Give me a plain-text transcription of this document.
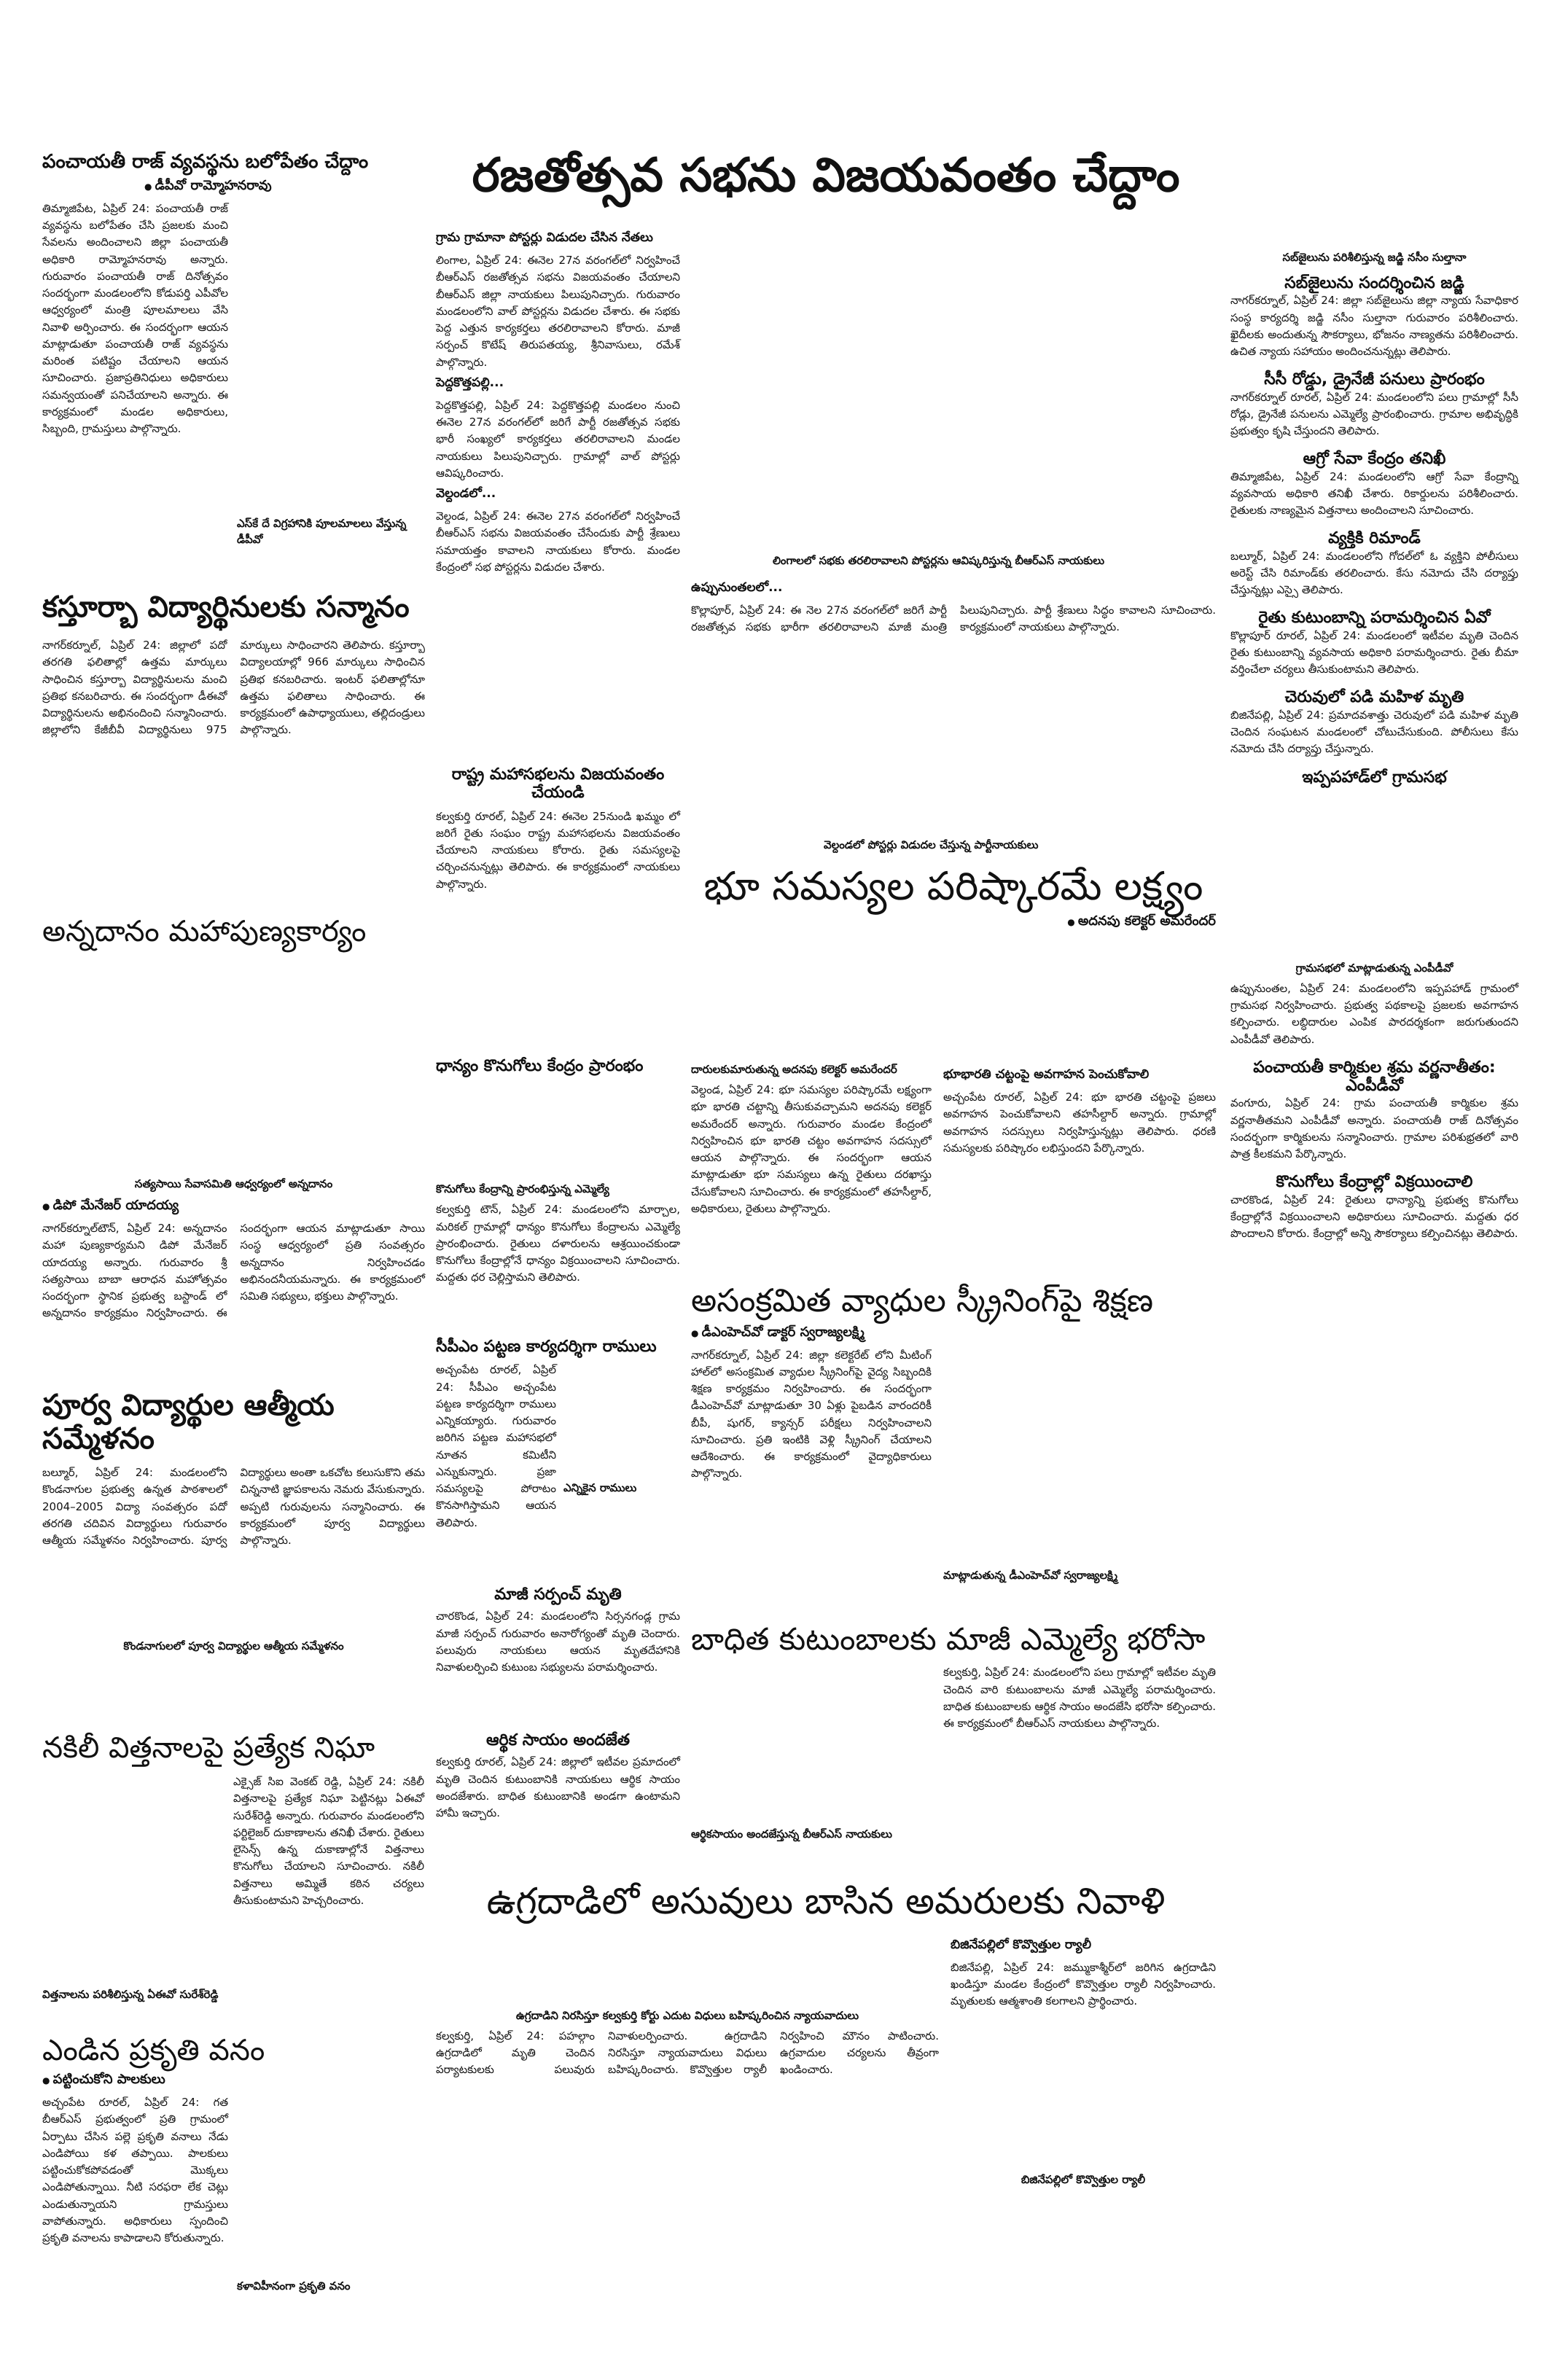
పంచాయతీ రాజ్ వ్యవస్థను బలోపేతం చేద్దాం

● డీపీవో రామ్మోహనరావు

తిమ్మాజిపేట, ఏప్రిల్ 24: పంచాయతీ రాజ్ వ్యవస్థను బలోపేతం చేసి ప్రజలకు మంచి సేవలను అందించాలని జిల్లా పంచాయతీ అధికారి రామ్మోహనరావు అన్నారు. గురువారం పంచాయతీ రాజ్ దినోత్సవం సందర్భంగా మండలంలోని కోడుపర్తి ఎపీవోల ఆధ్వర్యంలో మంత్రి పూలమాలలు వేసి నివాళి అర్పించారు. ఈ సందర్భంగా ఆయన మాట్లాడుతూ పంచాయతీ రాజ్ వ్యవస్థను మరింత పటిష్టం చేయాలని ఆయన సూచించారు. ప్రజాప్రతినిధులు అధికారులు సమన్వయంతో పనిచేయాలని అన్నారు. ఈ కార్యక్రమంలో మండల అధికారులు, సిబ్బంది, గ్రామస్తులు పాల్గొన్నారు.

ఎస్‌కే దే విగ్రహానికి పూలమాలలు వేస్తున్న డీపీవో

కస్తూర్బా విద్యార్థినులకు సన్మానం

నాగర్‌కర్నూల్, ఏప్రిల్ 24: జిల్లాలో పదో తరగతి ఫలితాల్లో ఉత్తమ మార్కులు సాధించిన కస్తూర్బా విద్యార్థినులను మంచి ప్రతిభ కనబరిచారు. ఈ సందర్భంగా డీఈవో విద్యార్థినులను అభినందించి సన్మానించారు. జిల్లాలోని కేజీబీవీ విద్యార్థినులు 975 మార్కులు సాధించారని తెలిపారు. కస్తూర్బా విద్యాలయాల్లో 966 మార్కులు సాధించిన ప్రతిభ కనబరిచారు. ఇంటర్ ఫలితాల్లోనూ ఉత్తమ ఫలితాలు సాధించారు. ఈ కార్యక్రమంలో ఉపాధ్యాయులు, తల్లిదండ్రులు పాల్గొన్నారు.

అన్నదానం మహాపుణ్యకార్యం

సత్యసాయి సేవాసమితి ఆధ్వర్యంలో అన్నదానం

● డిపో మేనేజర్ యాదయ్య

నాగర్‌కర్నూల్‌టౌన్, ఏప్రిల్ 24: అన్నదానం మహా పుణ్యకార్యమని డిపో మేనేజర్ యాదయ్య అన్నారు. గురువారం శ్రీ సత్యసాయి బాబా ఆరాధన మహోత్సవం సందర్భంగా స్థానిక ప్రభుత్వ బస్టాండ్ లో అన్నదానం కార్యక్రమం నిర్వహించారు. ఈ సందర్భంగా ఆయన మాట్లాడుతూ సాయి సంస్థ ఆధ్వర్యంలో ప్రతి సంవత్సరం అన్నదానం నిర్వహించడం అభినందనీయమన్నారు. ఈ కార్యక్రమంలో సమితి సభ్యులు, భక్తులు పాల్గొన్నారు.

పూర్వ విద్యార్థుల ఆత్మీయ సమ్మేళనం

బల్మూర్, ఏప్రిల్ 24: మండలంలోని కొండనాగుల ప్రభుత్వ ఉన్నత పాఠశాలలో 2004–2005 విద్యా సంవత్సరం పదో తరగతి చదివిన విద్యార్థులు గురువారం ఆత్మీయ సమ్మేళనం నిర్వహించారు. పూర్వ విద్యార్థులు అంతా ఒకచోట కలుసుకొని తమ చిన్ననాటి జ్ఞాపకాలను నెమరు వేసుకున్నారు. అప్పటి గురువులను సన్మానించారు. ఈ కార్యక్రమంలో పూర్వ విద్యార్థులు పాల్గొన్నారు.

కొండనాగులలో పూర్వ విద్యార్థుల ఆత్మీయ సమ్మేళనం

నకిలీ విత్తనాలపై ప్రత్యేక నిఘా

విత్తనాలను పరిశీలిస్తున్న ఏఈవో సురేశ్‌రెడ్డి

ఎక్సైజ్ సిఐ వెంకట్ రెడ్డి, ఏప్రిల్ 24: నకిలీ విత్తనాలపై ప్రత్యేక నిఘా పెట్టినట్లు ఏఈవో సురేశ్‌రెడ్డి అన్నారు. గురువారం మండలంలోని ఫర్టిలైజర్ దుకాణాలను తనిఖీ చేశారు. రైతులు లైసెన్స్ ఉన్న దుకాణాల్లోనే విత్తనాలు కొనుగోలు చేయాలని సూచించారు. నకిలీ విత్తనాలు అమ్మితే కఠిన చర్యలు తీసుకుంటామని హెచ్చరించారు.

ఎండిన ప్రకృతి వనం

● పట్టించుకోని పాలకులు

అచ్చంపేట రూరల్, ఏప్రిల్ 24: గత బీఆర్ఎస్ ప్రభుత్వంలో ప్రతి గ్రామంలో ఏర్పాటు చేసిన పల్లె ప్రకృతి వనాలు నేడు ఎండిపోయి కళ తప్పాయి. పాలకులు పట్టించుకోకపోవడంతో మొక్కలు ఎండిపోతున్నాయి. నీటి సరఫరా లేక చెట్లు ఎండుతున్నాయని గ్రామస్తులు వాపోతున్నారు. అధికారులు స్పందించి ప్రకృతి వనాలను కాపాడాలని కోరుతున్నారు.

కళావిహీనంగా ప్రకృతి వనం

రజతోత్సవ సభను విజయవంతం చేద్దాం

గ్రామ గ్రామానా పోస్టర్లు విడుదల చేసిన నేతలు

లింగాల, ఏప్రిల్ 24: ఈనెల 27న వరంగల్‌లో నిర్వహించే బీఆర్ఎస్ రజతోత్సవ సభను విజయవంతం చేయాలని బీఆర్ఎస్ జిల్లా నాయకులు పిలుపునిచ్చారు. గురువారం మండలంలోని వాల్ పోస్టర్లను విడుదల చేశారు. ఈ సభకు పెద్ద ఎత్తున కార్యకర్తలు తరలిరావాలని కోరారు. మాజీ సర్పంచ్ కొటేష్ తిరుపతయ్య, శ్రీనివాసులు, రమేశ్ పాల్గొన్నారు.

పెద్దకొత్తపల్లి...

పెద్దకొత్తపల్లి, ఏప్రిల్ 24: పెద్దకొత్తపల్లి మండలం నుంచి ఈనెల 27న వరంగల్‌లో జరిగే పార్టీ రజతోత్సవ సభకు భారీ సంఖ్యలో కార్యకర్తలు తరలిరావాలని మండల నాయకులు పిలుపునిచ్చారు. గ్రామాల్లో వాల్ పోస్టర్లు ఆవిష్కరించారు.

వెల్దండలో...

వెల్దండ, ఏప్రిల్ 24: ఈనెల 27న వరంగల్‌లో నిర్వహించే బీఆర్ఎస్ సభను విజయవంతం చేసేందుకు పార్టీ శ్రేణులు సమాయత్తం కావాలని నాయకులు కోరారు. మండల కేంద్రంలో సభ పోస్టర్లను విడుదల చేశారు.	లింగాలలో సభకు తరలిరావాలని పోస్టర్లను ఆవిష్కరిస్తున్న బీఆర్ఎస్ నాయకులు

ఉప్పునుంతలలో...

కొల్లాపూర్, ఏప్రిల్ 24: ఈ నెల 27న వరంగల్‌లో జరిగే పార్టీ రజతోత్సవ సభకు భారీగా తరలిరావాలని మాజీ మంత్రి పిలుపునిచ్చారు. పార్టీ శ్రేణులు సిద్ధం కావాలని సూచించారు. కార్యక్రమంలో నాయకులు పాల్గొన్నారు.

వెల్దండలో పోస్టర్లు విడుదల చేస్తున్న పార్టీనాయకులు

రాష్ట్ర మహాసభలను విజయవంతం చేయండి

కల్వకుర్తి రూరల్, ఏప్రిల్ 24: ఈనెల 25నుండి ఖమ్మం లో జరిగే రైతు సంఘం రాష్ట్ర మహాసభలను విజయవంతం చేయాలని నాయకులు కోరారు. రైతు సమస్యలపై చర్చించనున్నట్లు తెలిపారు. ఈ కార్యక్రమంలో నాయకులు పాల్గొన్నారు.

ధాన్యం కొనుగోలు కేంద్రం ప్రారంభం

కొనుగోలు కేంద్రాన్ని ప్రారంభిస్తున్న ఎమ్మెల్యే

కల్వకుర్తి టౌన్, ఏప్రిల్ 24: మండలంలోని మార్చాల, మరికల్ గ్రామాల్లో ధాన్యం కొనుగోలు కేంద్రాలను ఎమ్మెల్యే ప్రారంభించారు. రైతులు దళారులను ఆశ్రయించకుండా కొనుగోలు కేంద్రాల్లోనే ధాన్యం విక్రయించాలని సూచించారు. మద్దతు ధర చెల్లిస్తామని తెలిపారు.

సీపీఎం పట్టణ కార్యదర్శిగా రాములు

అచ్చంపేట రూరల్, ఏప్రిల్ 24: సీపీఎం అచ్చంపేట పట్టణ కార్యదర్శిగా రాములు ఎన్నికయ్యారు. గురువారం జరిగిన పట్టణ మహాసభలో నూతన కమిటీని ఎన్నుకున్నారు. ప్రజా సమస్యలపై పోరాటం కొనసాగిస్తామని ఆయన తెలిపారు.

ఎన్నికైన రాములు

మాజీ సర్పంచ్ మృతి

చారకొండ, ఏప్రిల్ 24: మండలంలోని సిర్సనగండ్ల గ్రామ మాజీ సర్పంచ్ గురువారం అనారోగ్యంతో మృతి చెందారు. పలువురు నాయకులు ఆయన మృతదేహానికి నివాళులర్పించి కుటుంబ సభ్యులను పరామర్శించారు.

ఆర్థిక సాయం అందజేత

కల్వకుర్తి రూరల్, ఏప్రిల్ 24: జిల్లాలో ఇటీవల ప్రమాదంలో మృతి చెందిన కుటుంబానికి నాయకులు ఆర్థిక సాయం అందజేశారు. బాధిత కుటుంబానికి అండగా ఉంటామని హామీ ఇచ్చారు.

భూ సమస్యల పరిష్కారమే లక్ష్యం

● అదనపు కలెక్టర్ అమరేందర్

దారులకుమారుతున్న అదనపు కలెక్టర్ అమరేందర్

వెల్దండ, ఏప్రిల్ 24: భూ సమస్యల పరిష్కారమే లక్ష్యంగా భూ భారతి చట్టాన్ని తీసుకువచ్చామని అదనపు కలెక్టర్ అమరేందర్ అన్నారు. గురువారం మండల కేంద్రంలో నిర్వహించిన భూ భారతి చట్టం అవగాహన సదస్సులో ఆయన పాల్గొన్నారు. ఈ సందర్భంగా ఆయన మాట్లాడుతూ భూ సమస్యలు ఉన్న రైతులు దరఖాస్తు చేసుకోవాలని సూచించారు. ఈ కార్యక్రమంలో తహసీల్దార్, అధికారులు, రైతులు పాల్గొన్నారు.

భూభారతి చట్టంపై అవగాహన పెంచుకోవాలి

అచ్చంపేట రూరల్, ఏప్రిల్ 24: భూ భారతి చట్టంపై ప్రజలు అవగాహన పెంచుకోవాలని తహసీల్దార్ అన్నారు. గ్రామాల్లో అవగాహన సదస్సులు నిర్వహిస్తున్నట్లు తెలిపారు. ధరణి సమస్యలకు పరిష్కారం లభిస్తుందని పేర్కొన్నారు.

అసంక్రమిత వ్యాధుల స్క్రీనింగ్‌పై శిక్షణ

● డీఎంహెచ్‌వో డాక్టర్ స్వరాజ్యలక్ష్మి

నాగర్‌కర్నూల్, ఏప్రిల్ 24: జిల్లా కలెక్టరేట్ లోని మీటింగ్ హాల్‌లో అసంక్రమిత వ్యాధుల స్క్రీనింగ్‌పై వైద్య సిబ్బందికి శిక్షణ కార్యక్రమం నిర్వహించారు. ఈ సందర్భంగా డీఎంహెచ్‌వో మాట్లాడుతూ 30 ఏళ్లు పైబడిన వారందరికీ బీపీ, షుగర్, క్యాన్సర్ పరీక్షలు నిర్వహించాలని సూచించారు. ప్రతి ఇంటికి వెళ్లి స్క్రీనింగ్ చేయాలని ఆదేశించారు. ఈ కార్యక్రమంలో వైద్యాధికారులు పాల్గొన్నారు.

మాట్లాడుతున్న డీఎంహెచ్‌వో స్వరాజ్యలక్ష్మి

బాధిత కుటుంబాలకు మాజీ ఎమ్మెల్యే భరోసా

ఆర్థికసాయం అందజేస్తున్న బీఆర్ఎస్ నాయకులు

కల్వకుర్తి, ఏప్రిల్ 24: మండలంలోని పలు గ్రామాల్లో ఇటీవల మృతి చెందిన వారి కుటుంబాలను మాజీ ఎమ్మెల్యే పరామర్శించారు. బాధిత కుటుంబాలకు ఆర్థిక సాయం అందజేసి భరోసా కల్పించారు. ఈ కార్యక్రమంలో బీఆర్ఎస్ నాయకులు పాల్గొన్నారు.

ఉగ్రదాడిలో అసువులు బాసిన అమరులకు నివాళి

ఉగ్రదాడిని నిరసిస్తూ కల్వకుర్తి కోర్టు ఎదుట విధులు బహిష్కరించిన న్యాయవాదులు

కల్వకుర్తి, ఏప్రిల్ 24: పహల్గాం ఉగ్రదాడిలో మృతి చెందిన పర్యాటకులకు పలువురు నివాళులర్పించారు. ఉగ్రదాడిని నిరసిస్తూ న్యాయవాదులు విధులు బహిష్కరించారు. కొవ్వొత్తుల ర్యాలీ నిర్వహించి మౌనం పాటించారు. ఉగ్రవాదుల చర్యలను తీవ్రంగా ఖండించారు.

బిజినేపల్లిలో కొవ్వొత్తుల ర్యాలీ

బిజినేపల్లి, ఏప్రిల్ 24: జమ్ముకాశ్మీర్‌లో జరిగిన ఉగ్రదాడిని ఖండిస్తూ మండల కేంద్రంలో కొవ్వొత్తుల ర్యాలీ నిర్వహించారు. మృతులకు ఆత్మశాంతి కలగాలని ప్రార్థించారు.

బిజినేపల్లిలో కొవ్వొత్తుల ర్యాలీ

సబ్‌జైలును పరిశీలిస్తున్న జడ్జి నసీం సుల్తానా

సబ్‌జైలును సందర్శించిన జడ్జి

నాగర్‌కర్నూల్, ఏప్రిల్ 24: జిల్లా సబ్‌జైలును జిల్లా న్యాయ సేవాధికార సంస్థ కార్యదర్శి జడ్జి నసీం సుల్తానా గురువారం పరిశీలించారు. ఖైదీలకు అందుతున్న సౌకర్యాలు, భోజనం నాణ్యతను పరిశీలించారు. ఉచిత న్యాయ సహాయం అందించనున్నట్లు తెలిపారు.

సీసీ రోడ్డు, డ్రైనేజీ పనులు ప్రారంభం

నాగర్‌కర్నూల్ రూరల్, ఏప్రిల్ 24: మండలంలోని పలు గ్రామాల్లో సీసీ రోడ్లు, డ్రైనేజీ పనులను ఎమ్మెల్యే ప్రారంభించారు. గ్రామాల అభివృద్ధికి ప్రభుత్వం కృషి చేస్తుందని తెలిపారు.

ఆగ్రో సేవా కేంద్రం తనిఖీ

తిమ్మాజిపేట, ఏప్రిల్ 24: మండలంలోని ఆగ్రో సేవా కేంద్రాన్ని వ్యవసాయ అధికారి తనిఖీ చేశారు. రికార్డులను పరిశీలించారు. రైతులకు నాణ్యమైన విత్తనాలు అందించాలని సూచించారు.

వ్యక్తికి రిమాండ్

బల్మూర్, ఏప్రిల్ 24: మండలంలోని గోదల్‌లో ఓ వ్యక్తిని పోలీసులు అరెస్ట్ చేసి రిమాండ్‌కు తరలించారు. కేసు నమోదు చేసి దర్యాప్తు చేస్తున్నట్లు ఎస్సై తెలిపారు.

రైతు కుటుంబాన్ని పరామర్శించిన ఏవో

కొల్లాపూర్ రూరల్, ఏప్రిల్ 24: మండలంలో ఇటీవల మృతి చెందిన రైతు కుటుంబాన్ని వ్యవసాయ అధికారి పరామర్శించారు. రైతు బీమా వర్తించేలా చర్యలు తీసుకుంటామని తెలిపారు.

చెరువులో పడి మహిళ మృతి

బిజినేపల్లి, ఏప్రిల్ 24: ప్రమాదవశాత్తు చెరువులో పడి మహిళ మృతి చెందిన సంఘటన మండలంలో చోటుచేసుకుంది. పోలీసులు కేసు నమోదు చేసి దర్యాప్తు చేస్తున్నారు.

ఇప్పపహాడ్‌లో గ్రామసభ

గ్రామసభలో మాట్లాడుతున్న ఎంపీడీవో

ఉప్పునుంతల, ఏప్రిల్ 24: మండలంలోని ఇప్పపహాడ్ గ్రామంలో గ్రామసభ నిర్వహించారు. ప్రభుత్వ పథకాలపై ప్రజలకు అవగాహన కల్పించారు. లబ్ధిదారుల ఎంపిక పారదర్శకంగా జరుగుతుందని ఎంపీడీవో తెలిపారు.

పంచాయతీ కార్మికుల శ్రమ వర్ణనాతీతం: ఎంపీడీవో

వంగూరు, ఏప్రిల్ 24: గ్రామ పంచాయతీ కార్మికుల శ్రమ వర్ణనాతీతమని ఎంపీడీవో అన్నారు. పంచాయతీ రాజ్ దినోత్సవం సందర్భంగా కార్మికులను సన్మానించారు. గ్రామాల పరిశుభ్రతలో వారి పాత్ర కీలకమని పేర్కొన్నారు.

కొనుగోలు కేంద్రాల్లో విక్రయించాలి

చారకొండ, ఏప్రిల్ 24: రైతులు ధాన్యాన్ని ప్రభుత్వ కొనుగోలు కేంద్రాల్లోనే విక్రయించాలని అధికారులు సూచించారు. మద్దతు ధర పొందాలని కోరారు. కేంద్రాల్లో అన్ని సౌకర్యాలు కల్పించినట్లు తెలిపారు.
